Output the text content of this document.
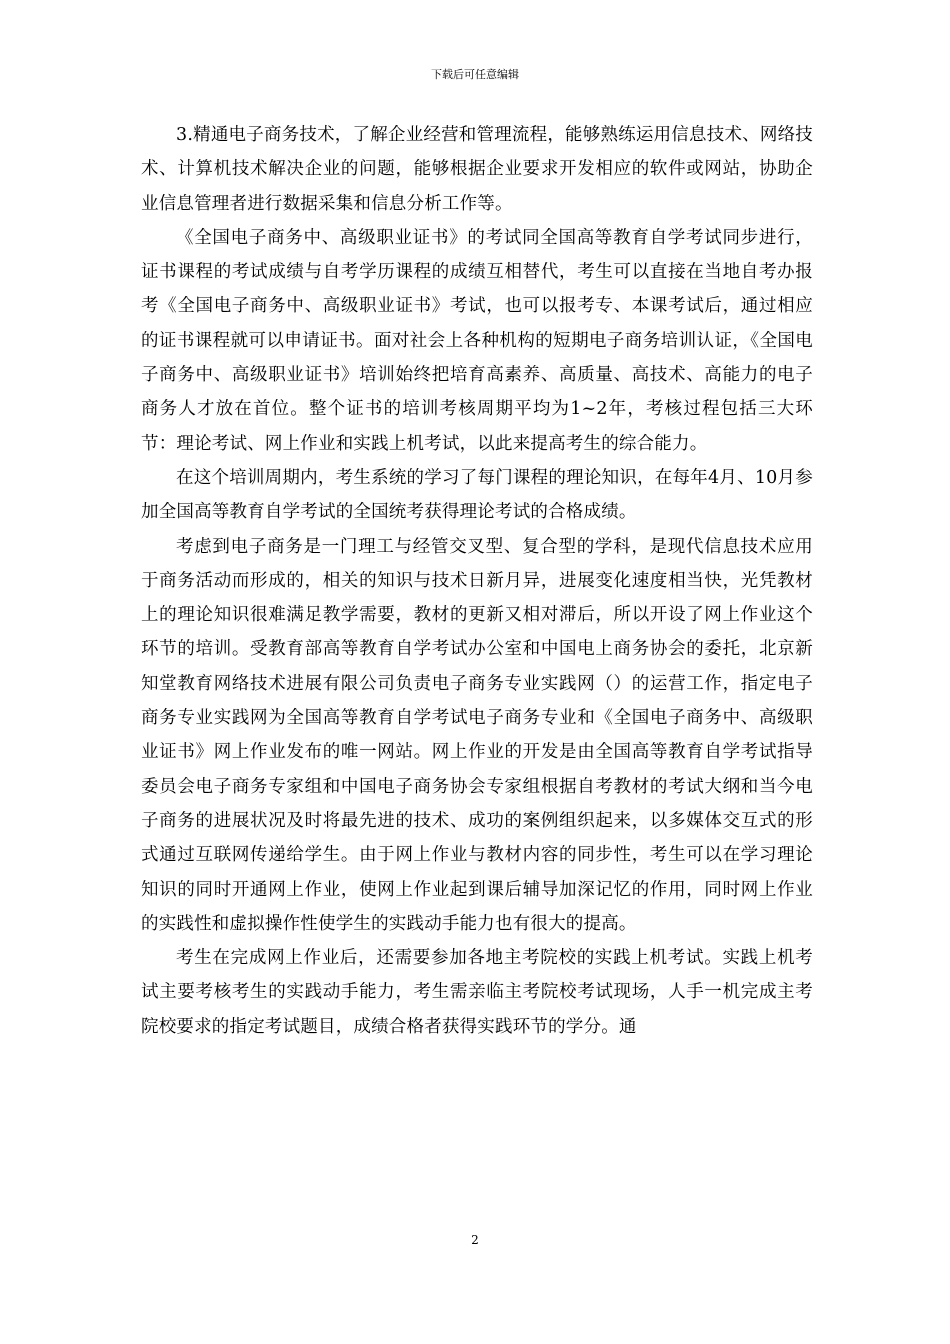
下载后可任意编辑

3.精通电子商务技术，了解企业经营和管理流程，能够熟练运用信息技术、网络技术、计算机技术解决企业的问题，能够根据企业要求开发相应的软件或网站，协助企业信息管理者进行数据采集和信息分析工作等。

《全国电子商务中、高级职业证书》的考试同全国高等教育自学考试同步进行，证书课程的考试成绩与自考学历课程的成绩互相替代，考生可以直接在当地自考办报考《全国电子商务中、高级职业证书》考试，也可以报考专、本课考试后，通过相应的证书课程就可以申请证书。面对社会上各种机构的短期电子商务培训认证，《全国电子商务中、高级职业证书》培训始终把培育高素养、高质量、高技术、高能力的电子商务人才放在首位。整个证书的培训考核周期平均为1~2年，考核过程包括三大环节：理论考试、网上作业和实践上机考试，以此来提高考生的综合能力。

在这个培训周期内，考生系统的学习了每门课程的理论知识，在每年4月、10月参加全国高等教育自学考试的全国统考获得理论考试的合格成绩。

考虑到电子商务是一门理工与经管交叉型、复合型的学科，是现代信息技术应用于商务活动而形成的，相关的知识与技术日新月异，进展变化速度相当快，光凭教材上的理论知识很难满足教学需要，教材的更新又相对滞后，所以开设了网上作业这个环节的培训。受教育部高等教育自学考试办公室和中国电上商务协会的委托，北京新知堂教育网络技术进展有限公司负责电子商务专业实践网（）的运营工作，指定电子商务专业实践网为全国高等教育自学考试电子商务专业和《全国电子商务中、高级职业证书》网上作业发布的唯一网站。网上作业的开发是由全国高等教育自学考试指导委员会电子商务专家组和中国电子商务协会专家组根据自考教材的考试大纲和当今电子商务的进展状况及时将最先进的技术、成功的案例组织起来，以多媒体交互式的形式通过互联网传递给学生。由于网上作业与教材内容的同步性，考生可以在学习理论知识的同时开通网上作业，使网上作业起到课后辅导加深记忆的作用，同时网上作业的实践性和虚拟操作性使学生的实践动手能力也有很大的提高。

考生在完成网上作业后，还需要参加各地主考院校的实践上机考试。实践上机考试主要考核考生的实践动手能力，考生需亲临主考院校考试现场，人手一机完成主考院校要求的指定考试题目，成绩合格者获得实践环节的学分。通

2
